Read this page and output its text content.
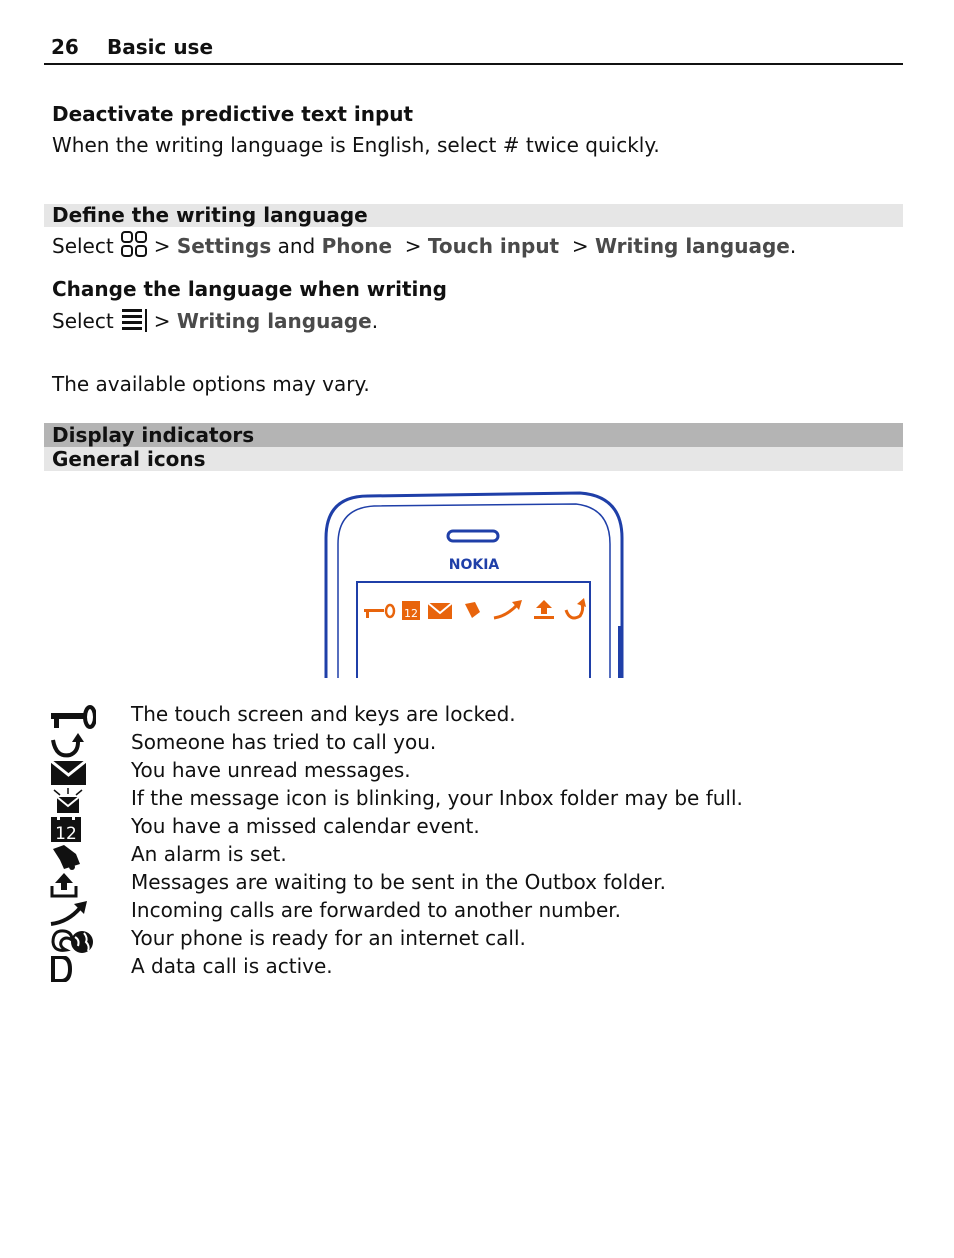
26 Basic use
Deactivate predictive text input
When the writing language is English, select # twice quickly.
Define the writing language
Select >
Settings
and
Phone
>
Touch input
>
Writing language .
Change the language when writing
Select >
Writing language .
The available options may vary.
Display indicators
General icons
NOKIA
12
12
The touch screen and keys are locked.
Someone has tried to call you.
You have unread messages.
If the message icon is blinking, your Inbox folder may be full.
You have a missed calendar event.
An alarm is set.
Messages are waiting to be sent in the Outbox folder.
Incoming calls are forwarded to another number.
Your phone is ready for an internet call.
A data call is active.
